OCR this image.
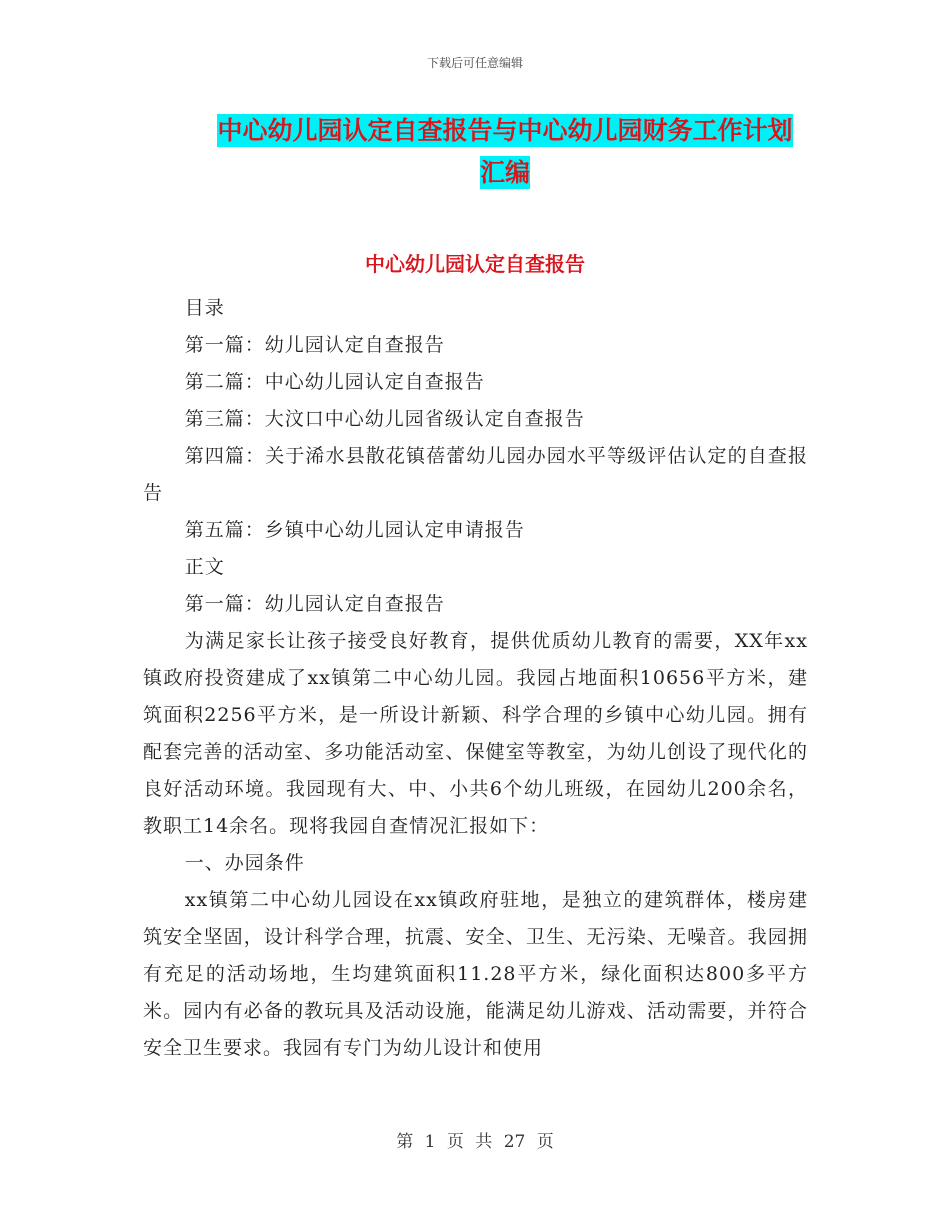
下载后可任意编辑
中心幼儿园认定自查报告与中心幼儿园财务工作计划
汇编
中心幼儿园认定自查报告

目录

第一篇：幼儿园认定自查报告

第二篇：中心幼儿园认定自查报告

第三篇：大汶口中心幼儿园省级认定自查报告

第四篇：关于浠水县散花镇蓓蕾幼儿园办园水平等级评估认定的自查报告

第五篇：乡镇中心幼儿园认定申请报告

正文

第一篇：幼儿园认定自查报告

为满足家长让孩子接受良好教育，提供优质幼儿教育的需要，XX年xx镇政府投资建成了xx镇第二中心幼儿园。我园占地面积10656平方米，建筑面积2256平方米，是一所设计新颖、科学合理的乡镇中心幼儿园。拥有配套完善的活动室、多功能活动室、保健室等教室，为幼儿创设了现代化的良好活动环境。我园现有大、中、小共6个幼儿班级，在园幼儿200余名，教职工14余名。现将我园自查情况汇报如下：

一、办园条件

xx镇第二中心幼儿园设在xx镇政府驻地，是独立的建筑群体，楼房建筑安全坚固，设计科学合理，抗震、安全、卫生、无污染、无噪音。我园拥有充足的活动场地，生均建筑面积11.28平方米，绿化面积达800多平方米。园内有必备的教玩具及活动设施，能满足幼儿游戏、活动需要，并符合安全卫生要求。我园有专门为幼儿设计和使用

第 1 页 共 27 页
